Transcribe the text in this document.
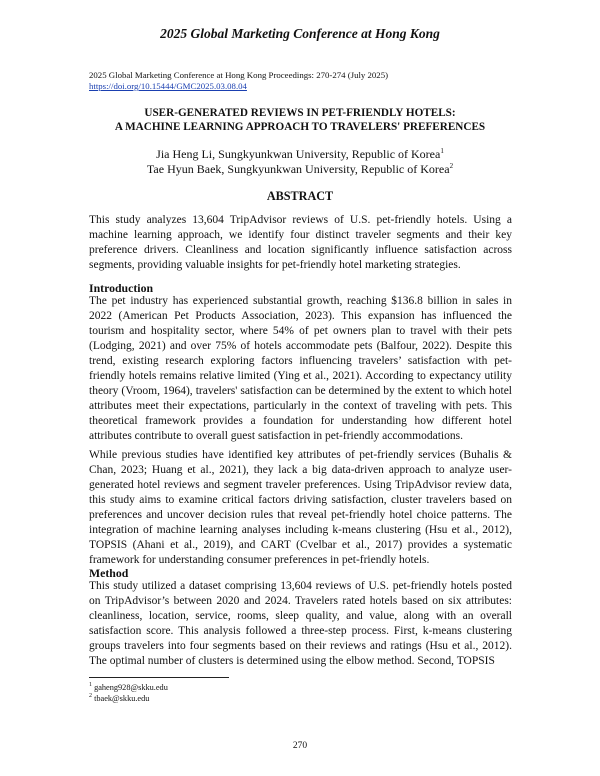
2025 Global Marketing Conference at Hong Kong
2025 Global Marketing Conference at Hong Kong Proceedings: 270-274 (July 2025)
https://doi.org/10.15444/GMC2025.03.08.04
USER-GENERATED REVIEWS IN PET-FRIENDLY HOTELS:
A MACHINE LEARNING APPROACH TO TRAVELERS' PREFERENCES
Jia Heng Li, Sungkyunkwan University, Republic of Korea$^1$
Tae Hyun Baek, Sungkyunkwan University, Republic of Korea$^2$
ABSTRACT
This study analyzes 13,604 TripAdvisor reviews of U.S. pet-friendly hotels. Using a machine learning approach, we identify four distinct traveler segments and their key preference drivers. Cleanliness and location significantly influence satisfaction across segments, providing valuable insights for pet-friendly hotel marketing strategies.
Introduction
The pet industry has experienced substantial growth, reaching $136.8 billion in sales in 2022 (American Pet Products Association, 2023). This expansion has influenced the tourism and hospitality sector, where 54% of pet owners plan to travel with their pets (Lodging, 2021) and over 75% of hotels accommodate pets (Balfour, 2022). Despite this trend, existing research exploring factors influencing travelers’ satisfaction with pet-friendly hotels remains relative limited (Ying et al., 2021). According to expectancy utility theory (Vroom, 1964), travelers' satisfaction can be determined by the extent to which hotel attributes meet their expectations, particularly in the context of traveling with pets. This theoretical framework provides a foundation for understanding how different hotel attributes contribute to overall guest satisfaction in pet-friendly accommodations.
While previous studies have identified key attributes of pet-friendly services (Buhalis & Chan, 2023; Huang et al., 2021), they lack a big data-driven approach to analyze user-generated hotel reviews and segment traveler preferences. Using TripAdvisor review data, this study aims to examine critical factors driving satisfaction, cluster travelers based on preferences and uncover decision rules that reveal pet-friendly hotel choice patterns. The integration of machine learning analyses including k-means clustering (Hsu et al., 2012), TOPSIS (Ahani et al., 2019), and CART (Cvelbar et al., 2017) provides a systematic framework for understanding consumer preferences in pet-friendly hotels.
Method
This study utilized a dataset comprising 13,604 reviews of U.S. pet-friendly hotels posted on TripAdvisor’s between 2020 and 2024. Travelers rated hotels based on six attributes: cleanliness, location, service, rooms, sleep quality, and value, along with an overall satisfaction score. This analysis followed a three-step process. First, k-means clustering groups travelers into four segments based on their reviews and ratings (Hsu et al., 2012). The optimal number of clusters is determined using the elbow method. Second, TOPSIS
$^1$ gaheng928@skku.edu
$^2$ tbaek@skku.edu
270
